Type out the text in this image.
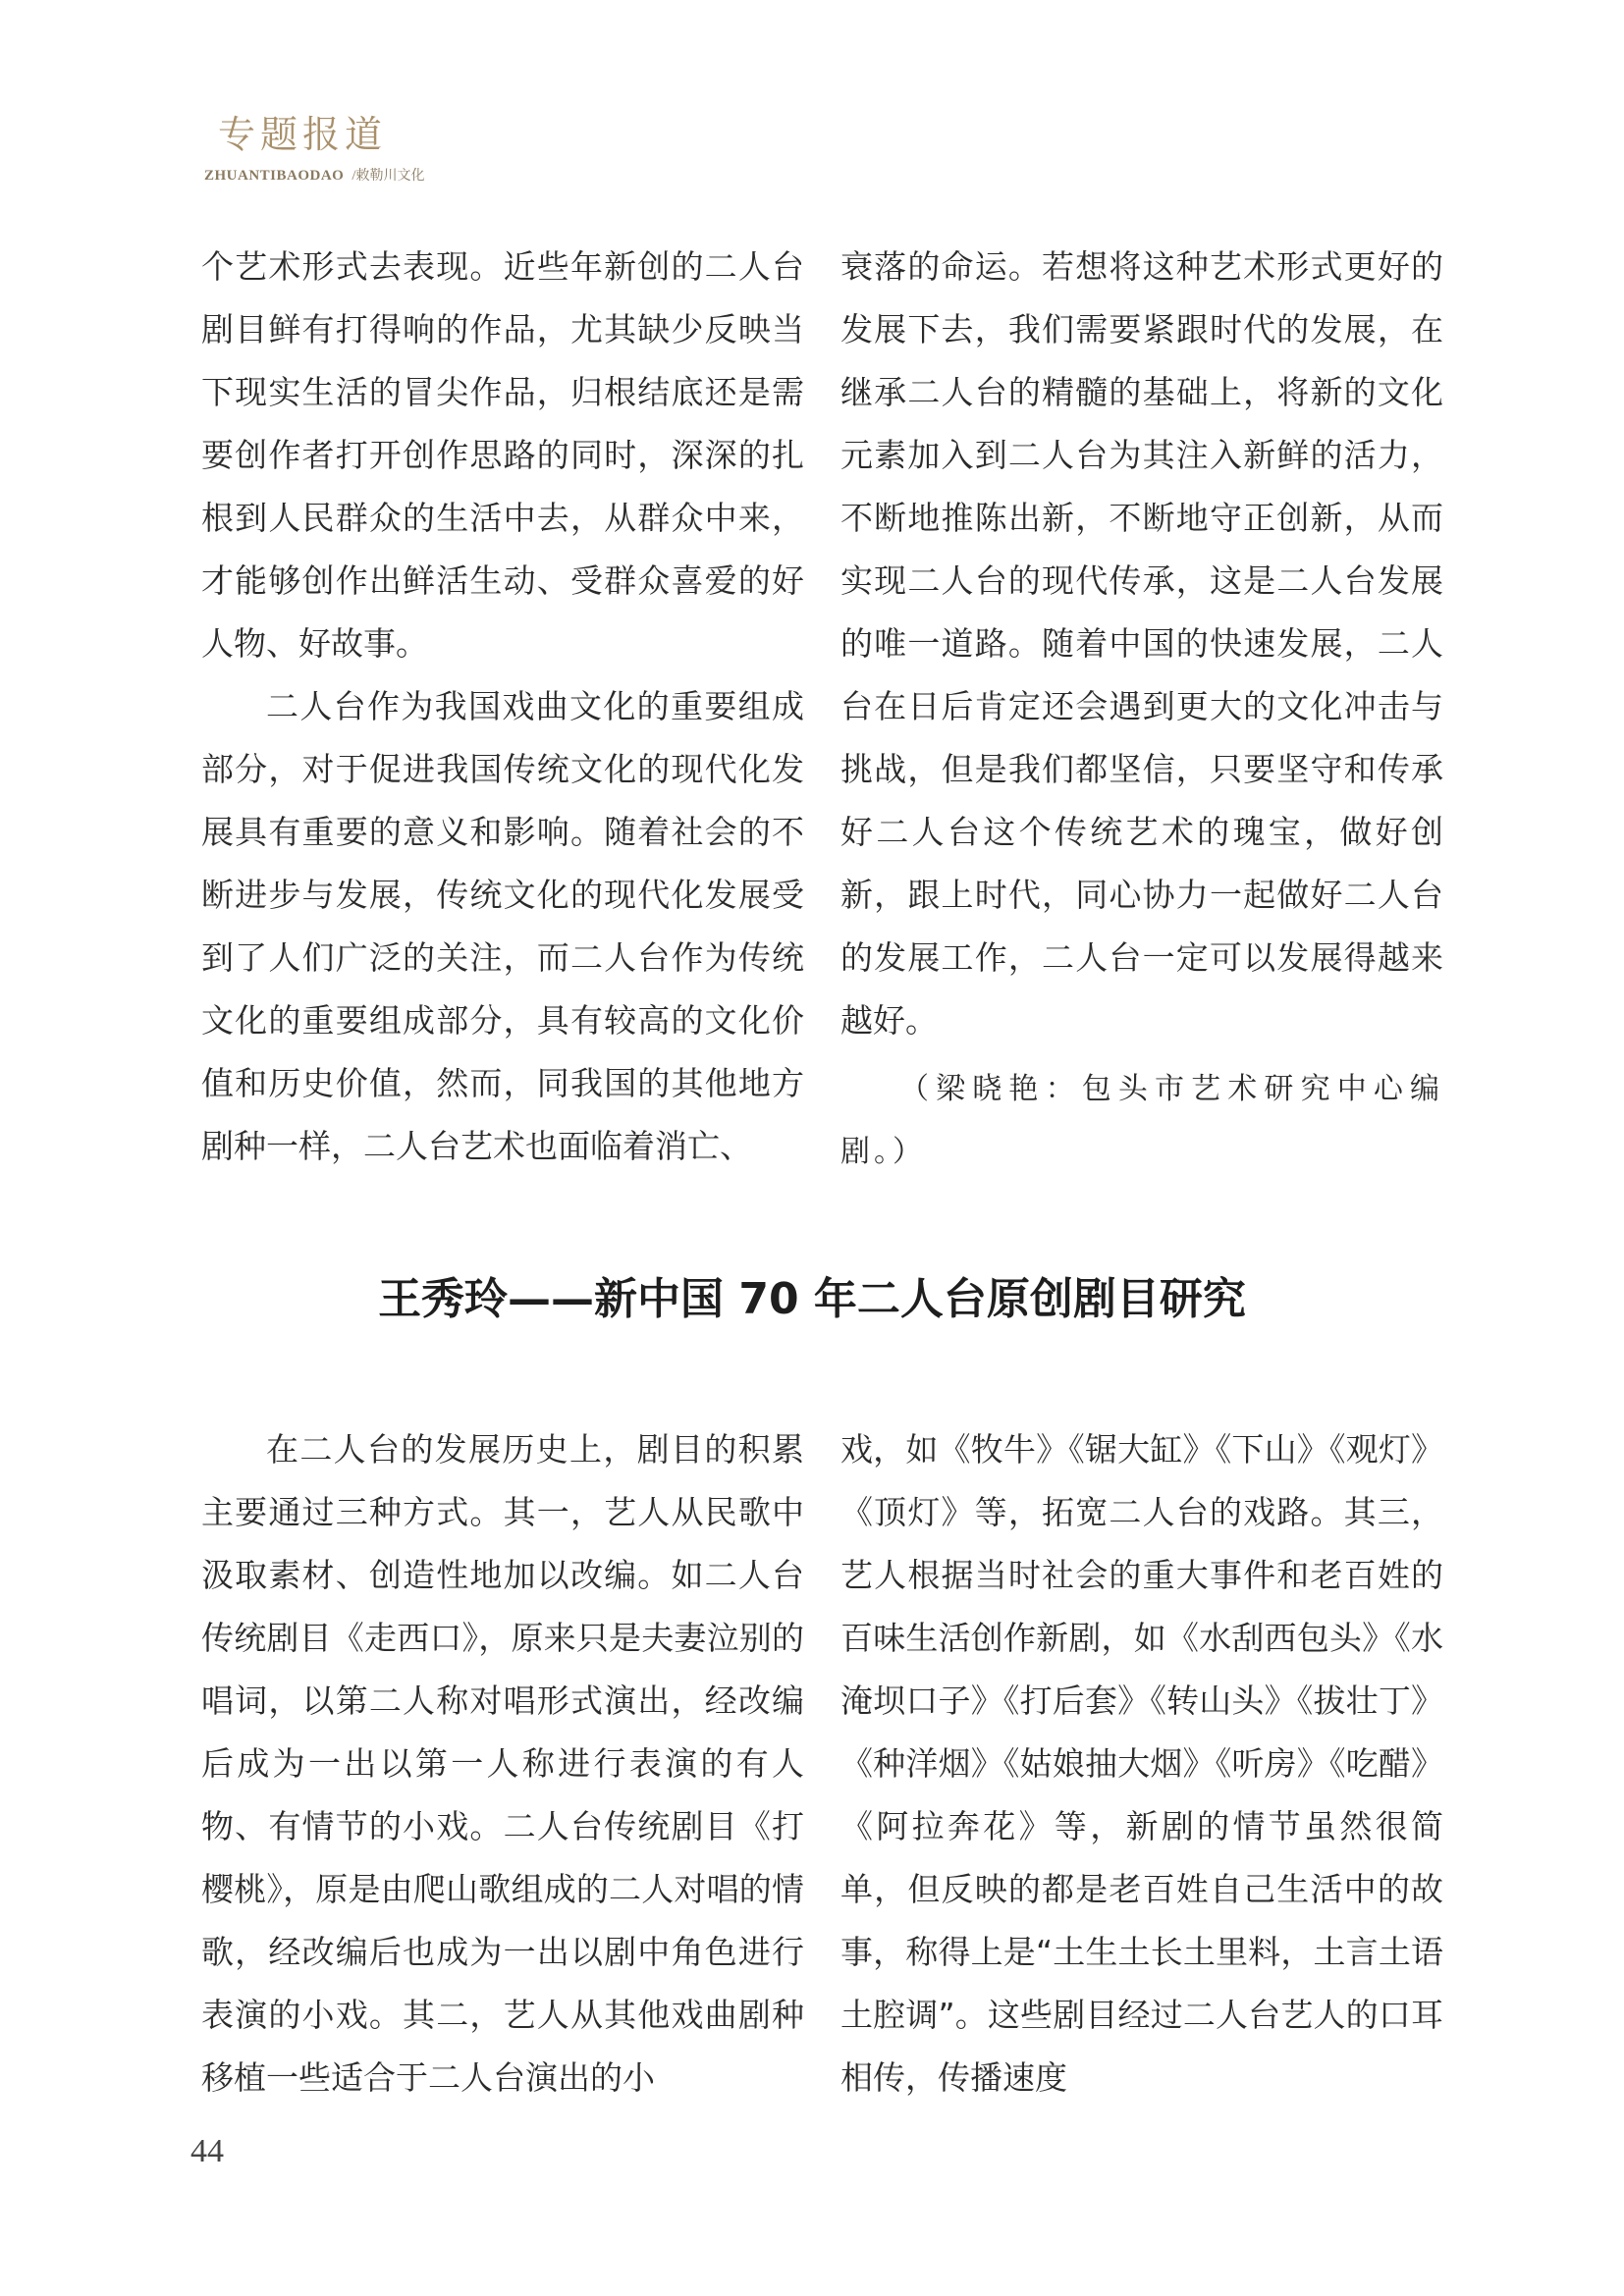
专题报道
ZHUANTIBAODAO /敕勒川文化

个艺术形式去表现。近些年新创的二人台剧目鲜有打得响的作品，尤其缺少反映当下现实生活的冒尖作品，归根结底还是需要创作者打开创作思路的同时，深深的扎根到人民群众的生活中去，从群众中来，才能够创作出鲜活生动、受群众喜爱的好人物、好故事。

二人台作为我国戏曲文化的重要组成部分，对于促进我国传统文化的现代化发展具有重要的意义和影响。随着社会的不断进步与发展，传统文化的现代化发展受到了人们广泛的关注，而二人台作为传统文化的重要组成部分，具有较高的文化价值和历史价值，然而，同我国的其他地方剧种一样，二人台艺术也面临着消亡、

衰落的命运。若想将这种艺术形式更好的发展下去，我们需要紧跟时代的发展，在继承二人台的精髓的基础上，将新的文化元素加入到二人台为其注入新鲜的活力，不断地推陈出新，不断地守正创新，从而实现二人台的现代传承，这是二人台发展的唯一道路。随着中国的快速发展，二人台在日后肯定还会遇到更大的文化冲击与挑战，但是我们都坚信，只要坚守和传承好二人台这个传统艺术的瑰宝，做好创新，跟上时代，同心协力一起做好二人台的发展工作，二人台一定可以发展得越来越好。

（梁晓艳：包头市艺术研究中心编剧。）

王秀玲——新中国 70 年二人台原创剧目研究

在二人台的发展历史上，剧目的积累主要通过三种方式。其一，艺人从民歌中汲取素材、创造性地加以改编。如二人台传统剧目《走西口》，原来只是夫妻泣别的唱词，以第二人称对唱形式演出，经改编后成为一出以第一人称进行表演的有人物、有情节的小戏。二人台传统剧目《打樱桃》，原是由爬山歌组成的二人对唱的情歌，经改编后也成为一出以剧中角色进行表演的小戏。其二，艺人从其他戏曲剧种移植一些适合于二人台演出的小

戏，如《牧牛》《锯大缸》《下山》《观灯》《顶灯》等，拓宽二人台的戏路。其三，艺人根据当时社会的重大事件和老百姓的百味生活创作新剧，如《水刮西包头》《水淹坝口子》《打后套》《转山头》《拔壮丁》《种洋烟》《姑娘抽大烟》《听房》《吃醋》《阿拉奔花》等，新剧的情节虽然很简单，但反映的都是老百姓自己生活中的故事，称得上是“土生土长土里料，土言土语土腔调”。这些剧目经过二人台艺人的口耳相传，传播速度

44
